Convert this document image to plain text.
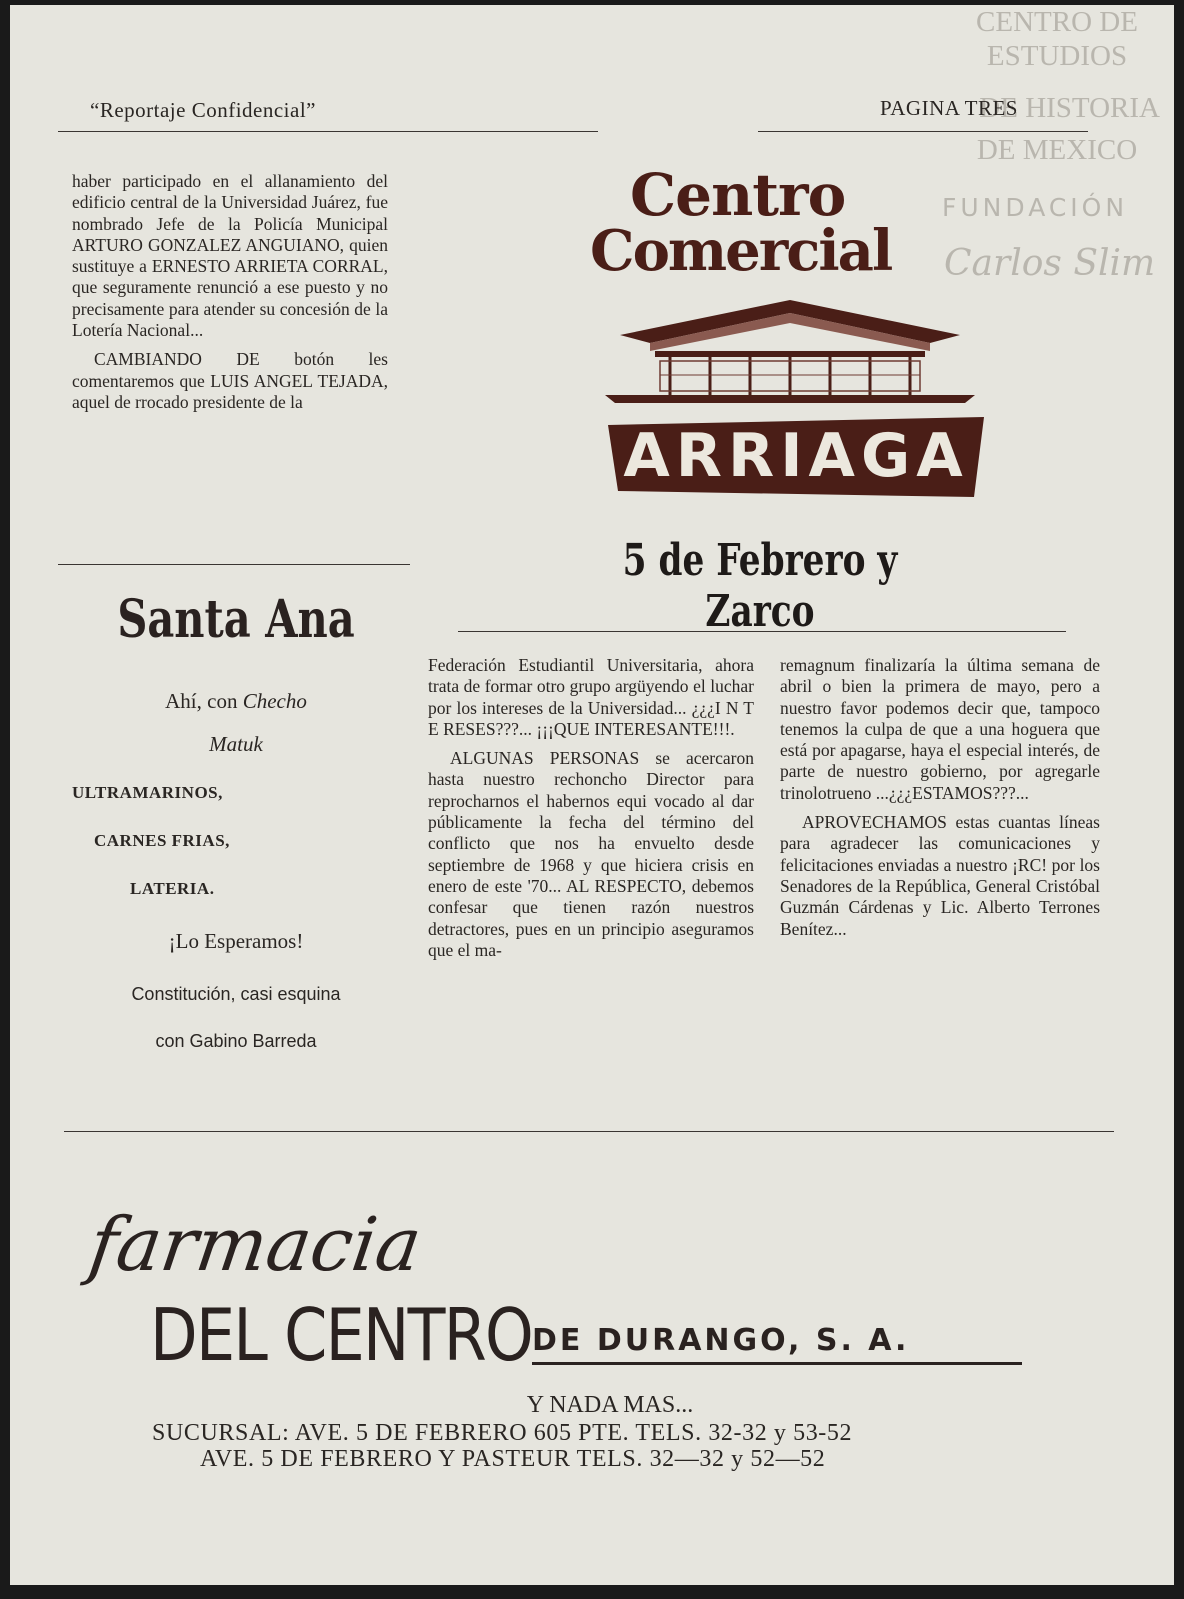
CENTRO DE
ESTUDIOS
DE HISTORIA
DE MEXICO
FUNDACIÓN
Carlos Slim
“Reportaje Confidencial”	PAGINA TRES

haber participado en el allanamiento del edificio central de la Universidad Juárez, fue nombrado Jefe de la Policía Municipal ARTURO GONZALEZ ANGUIANO, quien sustituye a ERNESTO ARRIETA CORRAL, que seguramente renunció a ese puesto y no precisamente para atender su concesión de la Lotería Nacional...

CAMBIANDO DE botón les comentaremos que LUIS ANGEL TEJADA, aquel de rrocado presidente de la

Centro
Comercial
ARRIAGA
5 de Febrero y Zarco
Santa Ana
Ahí, con Checho
Matuk
ULTRAMARINOS,
CARNES FRIAS,
LATERIA.
¡Lo Esperamos!
Constitución, casi esquina
con Gabino Barreda

Federación Estudiantil Universitaria, ahora trata de formar otro grupo argüyendo el luchar por los intereses de la Universidad... ¿¿¿I N T E RESES???... ¡¡¡QUE INTERESANTE!!!.

ALGUNAS PERSONAS se acercaron hasta nuestro rechoncho Director para reprocharnos el habernos equi vocado al dar públicamente la fecha del término del conflicto que nos ha envuelto desde septiembre de 1968 y que hiciera crisis en enero de este '70... AL RESPECTO, debemos confesar que tienen razón nuestros detractores, pues en un principio aseguramos que el ma-

remagnum finalizaría la última semana de abril o bien la primera de mayo, pero a nuestro favor podemos decir que, tampoco tenemos la culpa de que a una hoguera que está por apagarse, haya el especial interés, de parte de nuestro gobierno, por agregarle trinolotrueno ...¿¿¿ESTAMOS???...

APROVECHAMOS estas cuantas líneas para agradecer las comunicaciones y felicitaciones enviadas a nuestro ¡RC! por los Senadores de la República, General Cristóbal Guzmán Cárdenas y Lic. Alberto Terrones Benítez...

farmacia
DEL CENTRO DE DURANGO, S. A.
Y NADA MAS...
SUCURSAL: AVE. 5 DE FEBRERO 605 PTE. TELS. 32-32 y 53-52
AVE. 5 DE FEBRERO Y PASTEUR TELS. 32—32 y 52—52
